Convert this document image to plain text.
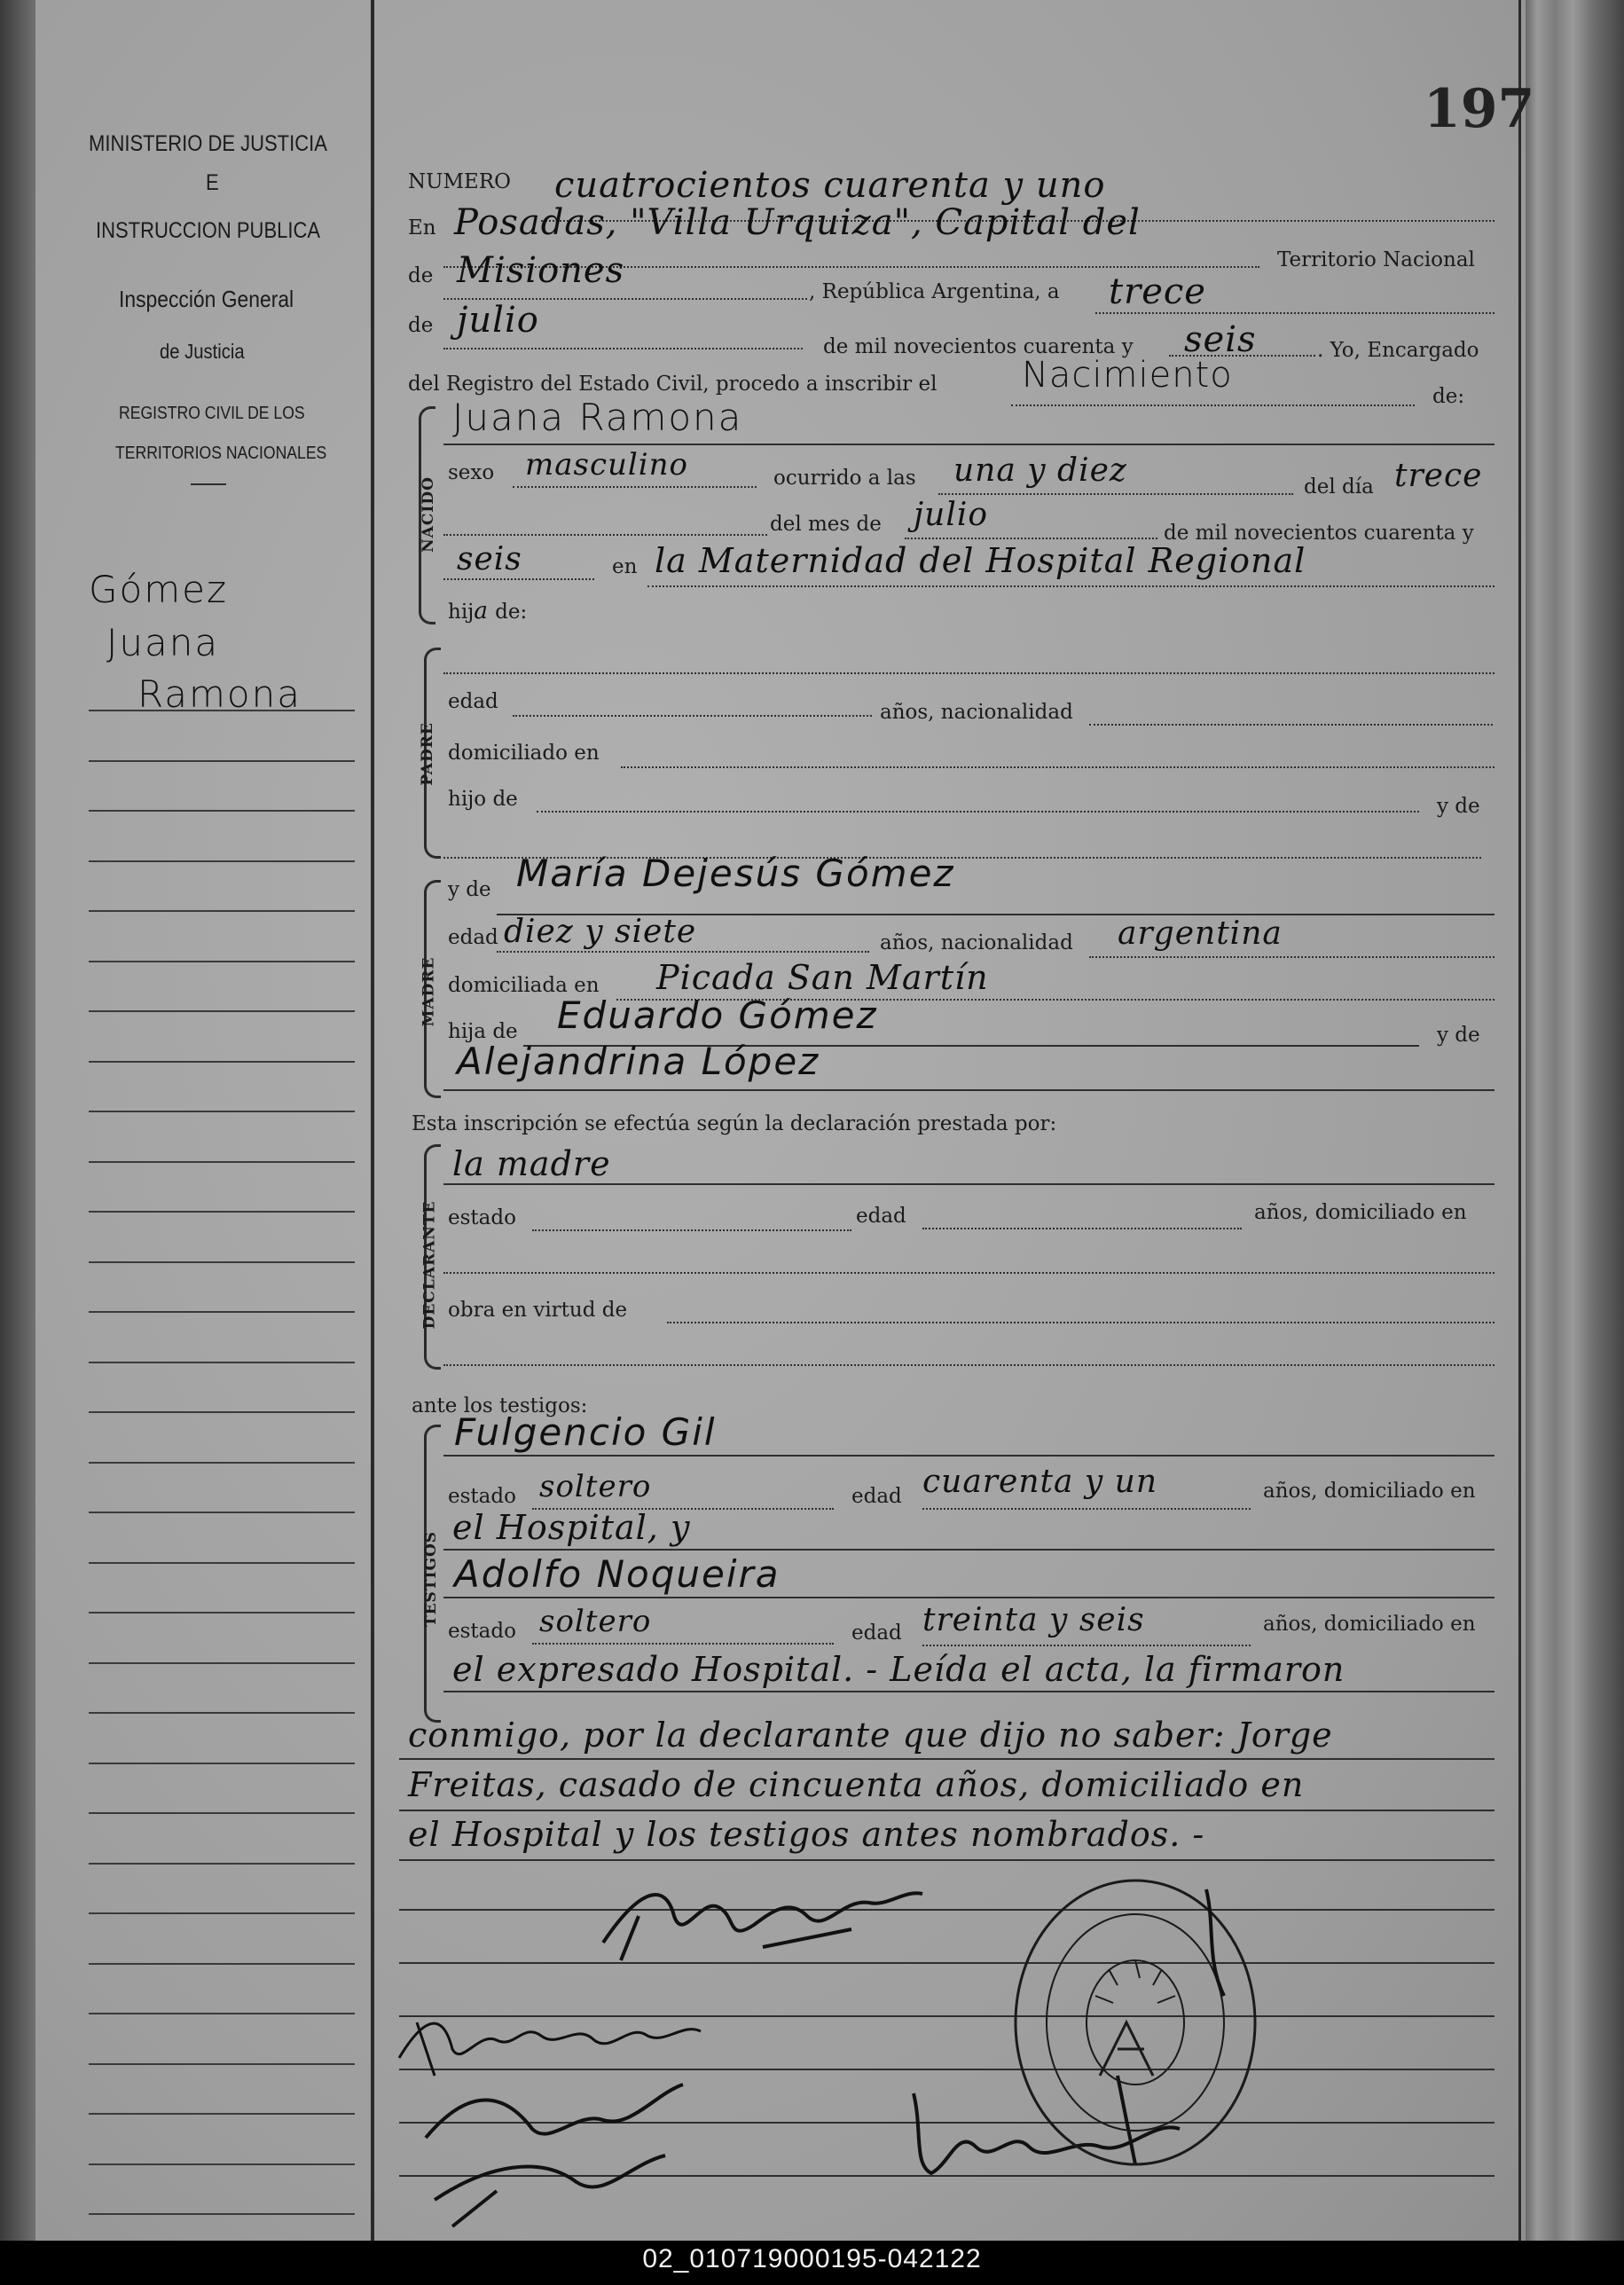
197
MINISTERIO DE JUSTICIA
E
INSTRUCCION PUBLICA
Inspección General
de Justicia
REGISTRO CIVIL DE LOS
TERRITORIOS NACIONALES
Gómez
Juana
Ramona
NUMERO cuatrocientos cuarenta y uno
En Posadas, "Villa Urquiza", Capital del
Territorio Nacional
de Misiones
, República Argentina, a trece
de julio
de mil novecientos cuarenta y seis	. Yo, Encargado
del Registro del Estado Civil, procedo a inscribir el Nacimiento
de:
NACIDO
Juana Ramona
sexo masculino	ocurrido a las una y diez	del día trece
del mes de julio	de mil novecientos cuarenta y
seis	en la Maternidad del Hospital Regional
hija de:
PADRE
edad	años, nacionalidad
domiciliado en
hijo de	y de
MADRE
y de María Dejesús Gómez
edad diez y siete	años, nacionalidad argentina
domiciliada en Picada San Martín
hija de Eduardo Gómez	y de
Alejandrina López
Esta inscripción se efectúa según la declaración prestada por:
DECLARANTE
la madre
estado	edad	años, domiciliado en
obra en virtud de
ante los testigos:
TESTIGOS
Fulgencio Gil
estado soltero	edad cuarenta y un	años, domiciliado en
el Hospital, y
Adolfo Noqueira
estado soltero	edad treinta y seis	años, domiciliado en
el expresado Hospital. - Leída el acta, la firmaron
conmigo, por la declarante que dijo no saber: Jorge
Freitas, casado de cincuenta años, domiciliado en
el Hospital y los testigos antes nombrados. -
02_010719000195-042122
